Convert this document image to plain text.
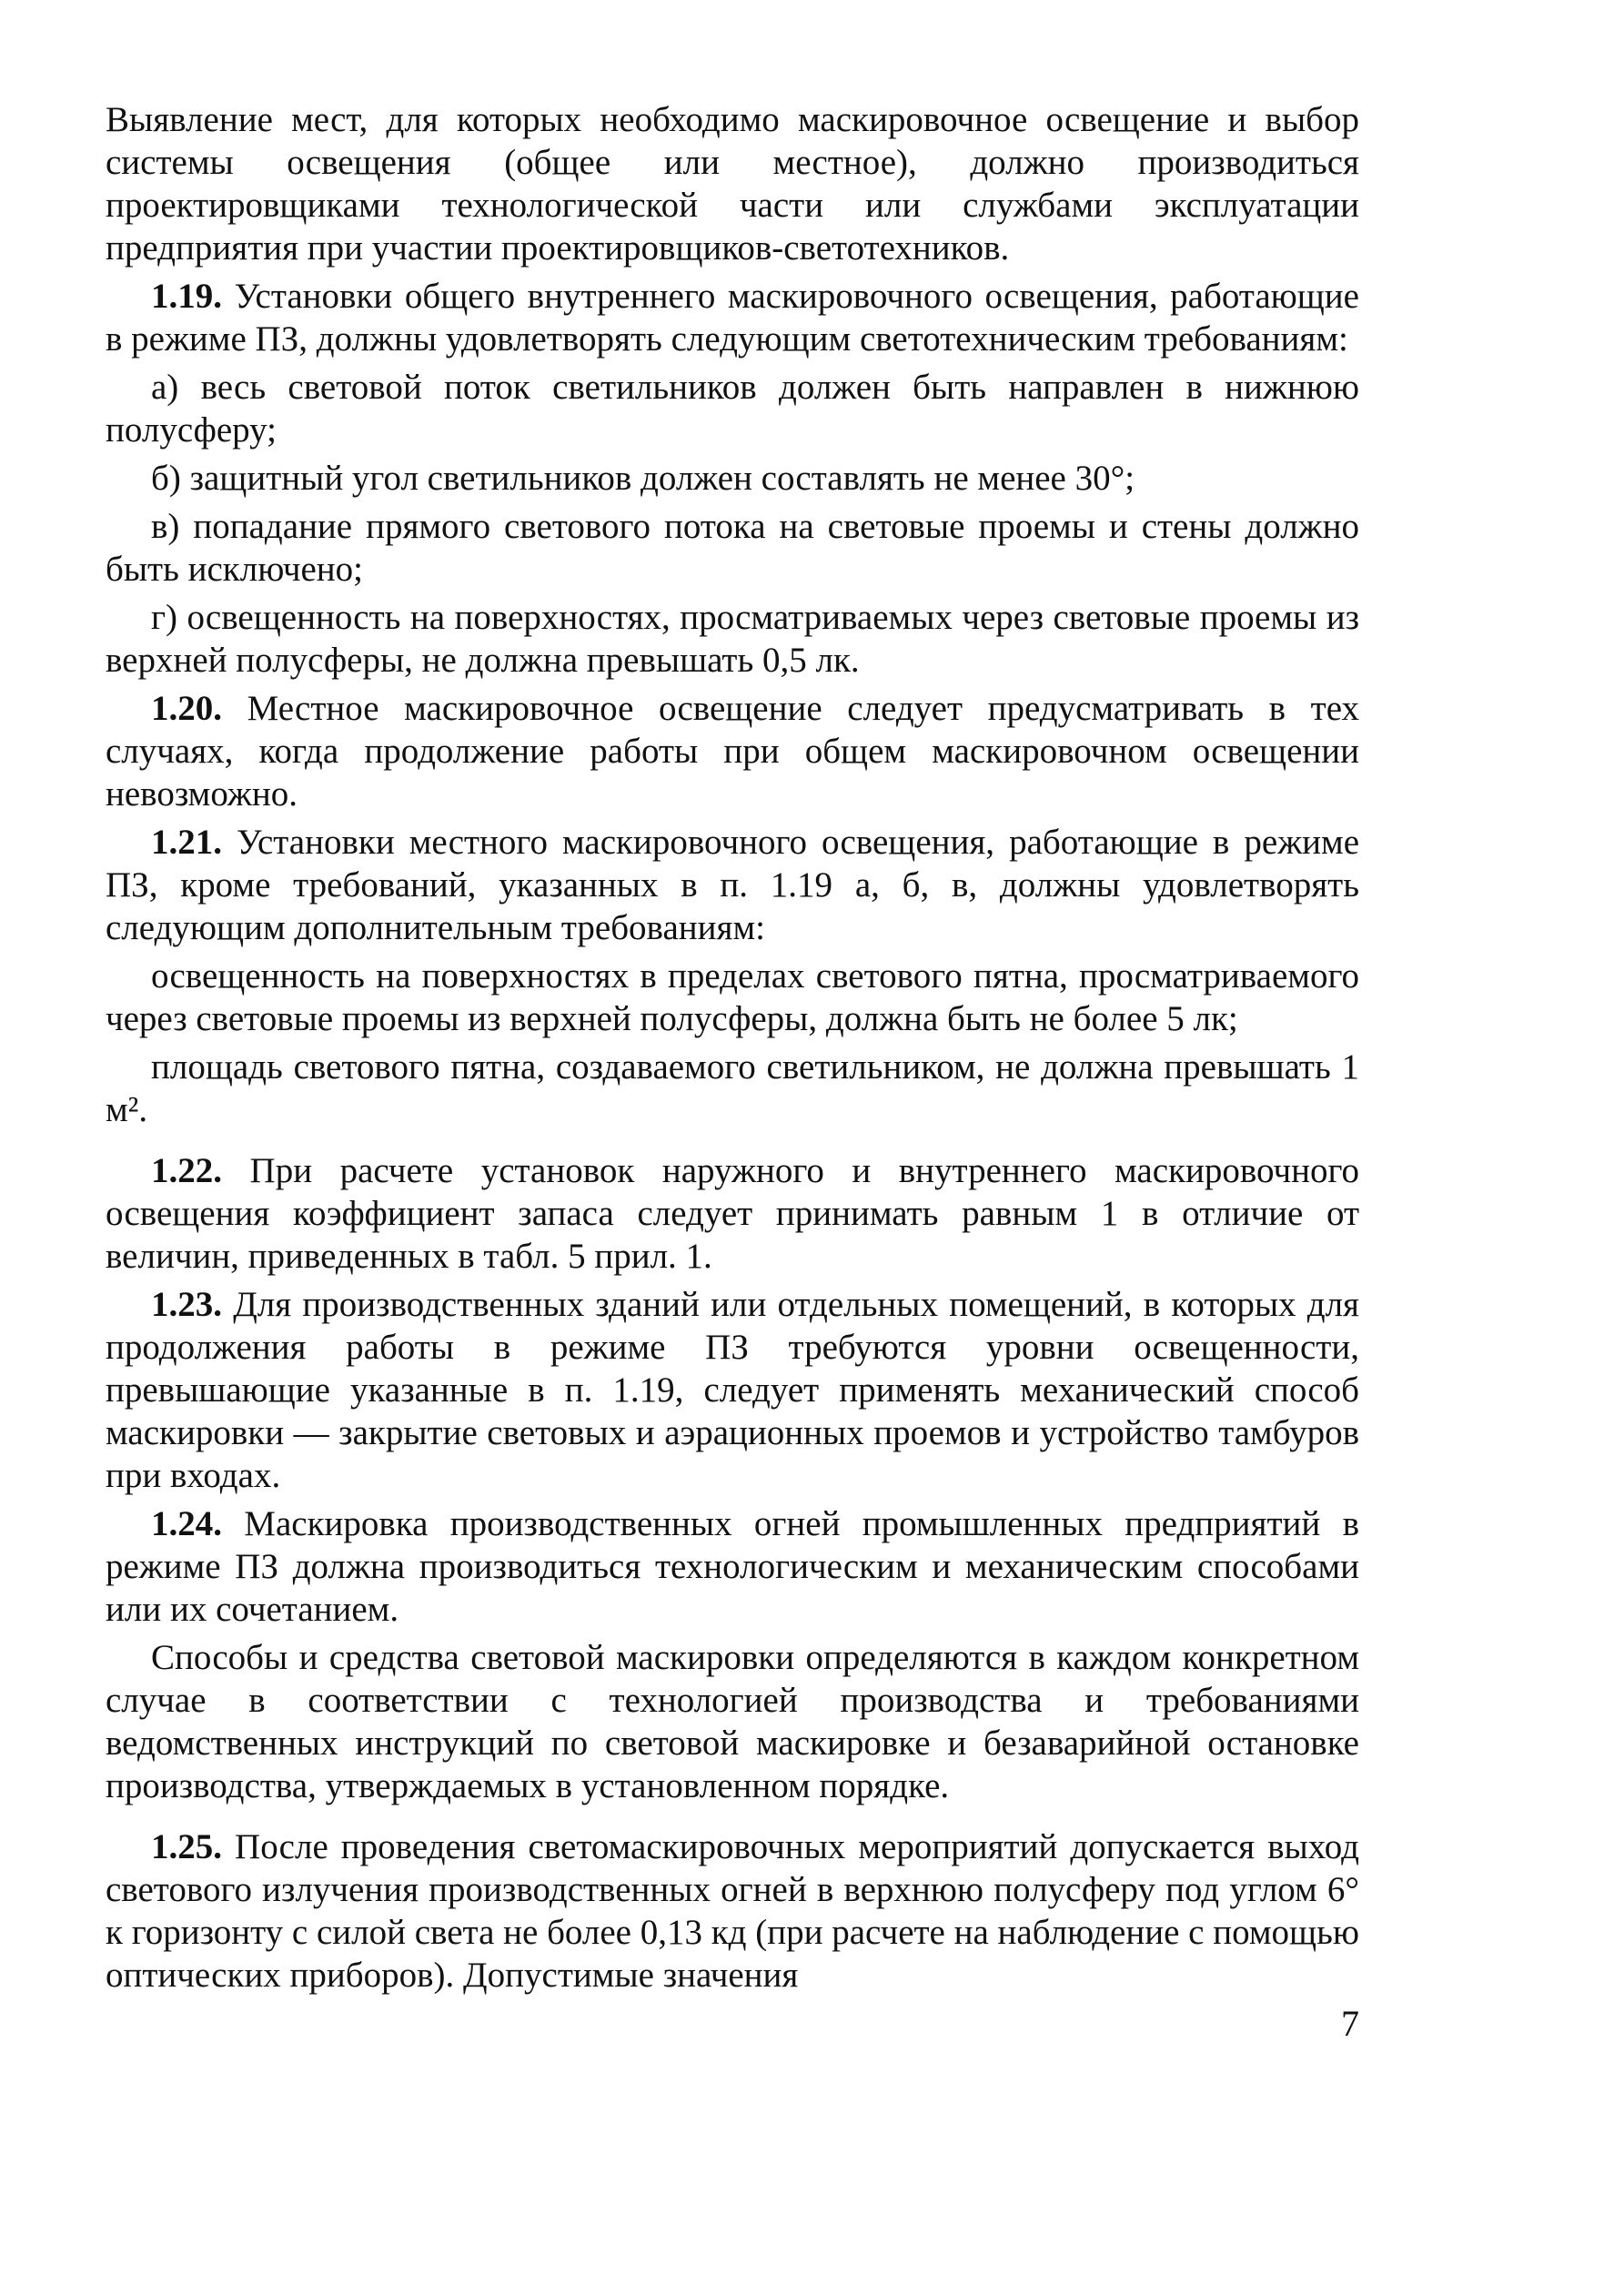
Выявление мест, для которых необходимо маскировочное освещение и выбор системы освещения (общее или местное), должно производиться проектировщиками технологической части или службами эксплуатации предприятия при участии проектировщиков-светотехников.

1.19. Установки общего внутреннего маскировочного освещения, работающие в режиме ПЗ, должны удовлетворять следующим светотехническим требованиям:

а) весь световой поток светильников должен быть направлен в нижнюю полусферу;

б) защитный угол светильников должен составлять не менее 30°;

в) попадание прямого светового потока на световые проемы и стены должно быть исключено;

г) освещенность на поверхностях, просматриваемых через световые проемы из верхней полусферы, не должна превышать 0,5 лк.

1.20. Местное маскировочное освещение следует предусматривать в тех случаях, когда продолжение работы при общем маскировочном освещении невозможно.

1.21. Установки местного маскировочного освещения, работающие в режиме ПЗ, кроме требований, указанных в п. 1.19 а, б, в, должны удовлетворять следующим дополнительным требованиям:

освещенность на поверхностях в пределах светового пятна, просматриваемого через световые проемы из верхней полусферы, должна быть не более 5 лк;

площадь светового пятна, создаваемого светильником, не должна превышать 1 м².

1.22. При расчете установок наружного и внутреннего маскировочного освещения коэффициент запаса следует принимать равным 1 в отличие от величин, приведенных в табл. 5 прил. 1.

1.23. Для производственных зданий или отдельных помещений, в которых для продолжения работы в режиме ПЗ требуются уровни освещенности, превышающие указанные в п. 1.19, следует применять механический способ маскировки — закрытие световых и аэрационных проемов и устройство тамбуров при входах.

1.24. Маскировка производственных огней промышленных предприятий в режиме ПЗ должна производиться технологическим и механическим способами или их сочетанием.

Способы и средства световой маскировки определяются в каждом конкретном случае в соответствии с технологией производства и требованиями ведомственных инструкций по световой маскировке и безаварийной остановке производства, утверждаемых в установленном порядке.

1.25. После проведения светомаскировочных мероприятий допускается выход светового излучения производственных огней в верхнюю полусферу под углом 6° к горизонту с силой света не более 0,13 кд (при расчете на наблюдение с помощью оптических приборов). Допустимые значения

7
